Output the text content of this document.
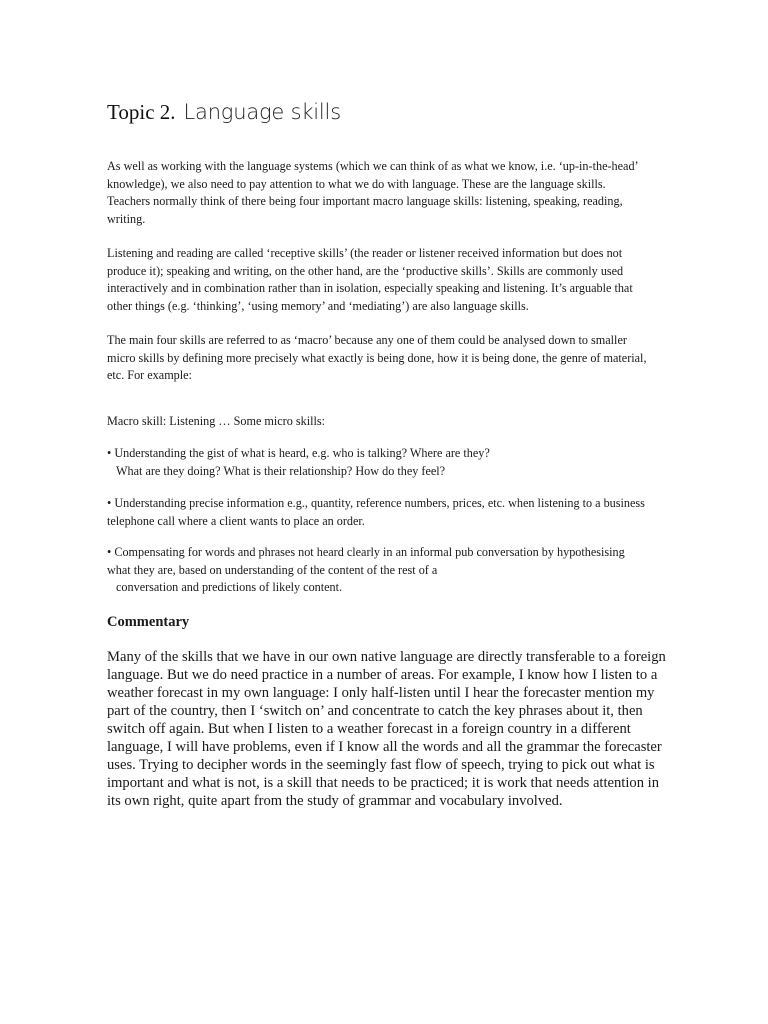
Topic 2. Language skills

As well as working with the language systems (which we can think of as what we know, i.e. ‘up-in-the-head’ knowledge), we also need to pay attention to what we do with language. These are the language skills. Teachers normally think of there being four important macro language skills: listening, speaking, reading, writing.

Listening and reading are called ‘receptive skills’ (the reader or listener received information but does not produce it); speaking and writing, on the other hand, are the ‘productive skills’. Skills are commonly used interactively and in combination rather than in isolation, especially speaking and listening. It’s arguable that other things (e.g. ‘thinking’, ‘using memory’ and ‘mediating’) are also language skills.

The main four skills are referred to as ‘macro’ because any one of them could be analysed down to smaller micro skills by defining more precisely what exactly is being done, how it is being done, the genre of material, etc. For example:

Macro skill: Listening … Some micro skills:

• Understanding the gist of what is heard, e.g. who is talking? Where are they?
What are they doing? What is their relationship? How do they feel?

• Understanding precise information e.g., quantity, reference numbers, prices, etc. when listening to a business telephone call where a client wants to place an order.

• Compensating for words and phrases not heard clearly in an informal pub conversation by hypothesising what they are, based on understanding of the content of the rest of a
conversation and predictions of likely content.

Commentary

Many of the skills that we have in our own native language are directly transferable to a foreign language. But we do need practice in a number of areas. For example, I know how I listen to a weather forecast in my own language: I only half-listen until I hear the forecaster mention my part of the country, then I ‘switch on’ and concentrate to catch the key phrases about it, then switch off again. But when I listen to a weather forecast in a foreign country in a different language, I will have problems, even if I know all the words and all the grammar the forecaster uses. Trying to decipher words in the seemingly fast flow of speech, trying to pick out what is important and what is not, is a skill that needs to be practiced; it is work that needs attention in its own right, quite apart from the study of grammar and vocabulary involved.
